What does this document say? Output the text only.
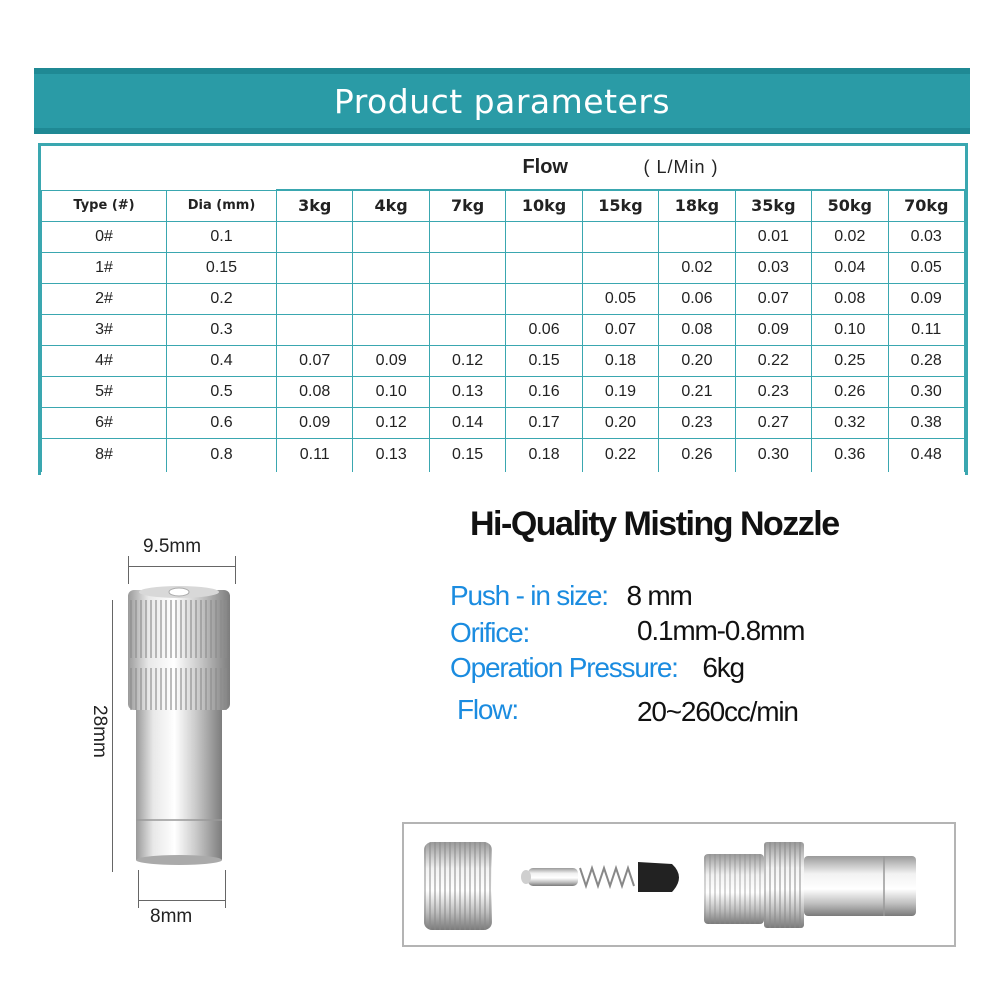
Product parameters
		Flow ( L/Min )								
Type (#)	Dia (mm)	3kg	4kg	7kg	10kg	15kg	18kg	35kg	50kg	70kg
0#	0.1							0.01	0.02	0.03
1#	0.15						0.02	0.03	0.04	0.05
2#	0.2					0.05	0.06	0.07	0.08	0.09
3#	0.3				0.06	0.07	0.08	0.09	0.10	0.11
4#	0.4	0.07	0.09	0.12	0.15	0.18	0.20	0.22	0.25	0.28
5#	0.5	0.08	0.10	0.13	0.16	0.19	0.21	0.23	0.26	0.30
6#	0.6	0.09	0.12	0.14	0.17	0.20	0.23	0.27	0.32	0.38
8#	0.8	0.11	0.13	0.15	0.18	0.22	0.26	0.30	0.36	0.48
Hi-Quality Misting Nozzle
Push - in size: 8 mm
Orifice:	0.1mm-0.8mm
Operation Pressure: 6kg
Flow:	20~260cc/min
9.5mm
28mm
8mm
